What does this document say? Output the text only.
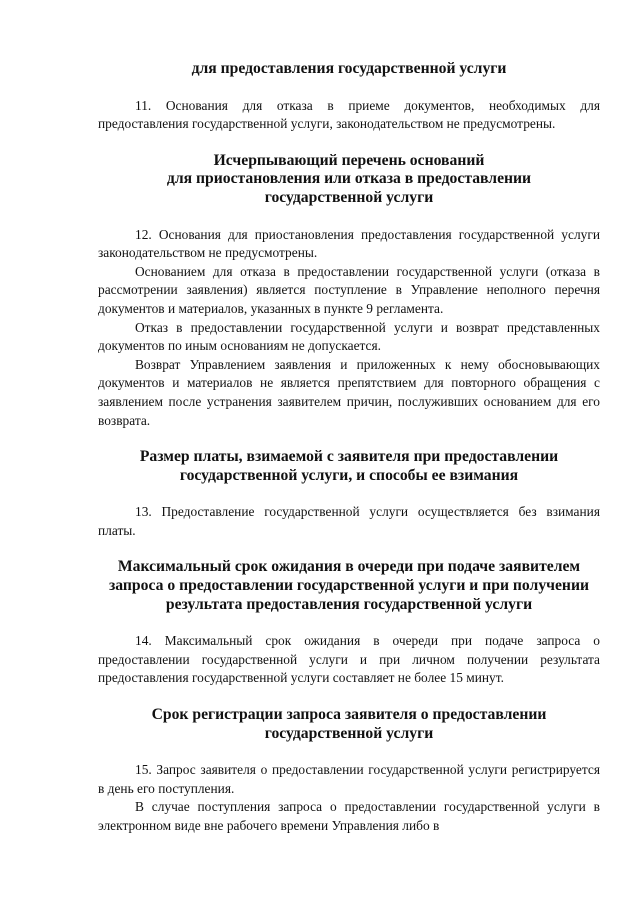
для предоставления государственной услуги

11. Основания для отказа в приеме документов, необходимых для предоставления государственной услуги, законодательством не предусмотрены.

Исчерпывающий перечень оснований
для приостановления или отказа в предоставлении
государственной услуги

12. Основания для приостановления предоставления государственной услуги законодательством не предусмотрены.

Основанием для отказа в предоставлении государственной услуги (отказа в рассмотрении заявления) является поступление в Управление неполного перечня документов и материалов, указанных в пункте 9 регламента.

Отказ в предоставлении государственной услуги и возврат представленных документов по иным основаниям не допускается.

Возврат Управлением заявления и приложенных к нему обосновывающих документов и материалов не является препятствием для повторного обращения с заявлением после устранения заявителем причин, послуживших основанием для его возврата.

Размер платы, взимаемой с заявителя при предоставлении
государственной услуги, и способы ее взимания

13. Предоставление государственной услуги осуществляется без взимания платы.

Максимальный срок ожидания в очереди при подаче заявителем
запроса о предоставлении государственной услуги и при получении
результата предоставления государственной услуги

14. Максимальный срок ожидания в очереди при подаче запроса о предоставлении государственной услуги и при личном получении результата предоставления государственной услуги составляет не более 15 минут.

Срок регистрации запроса заявителя о предоставлении
государственной услуги

15. Запрос заявителя о предоставлении государственной услуги регистрируется в день его поступления.

В случае поступления запроса о предоставлении государственной услуги в электронном виде вне рабочего времени Управления либо в
